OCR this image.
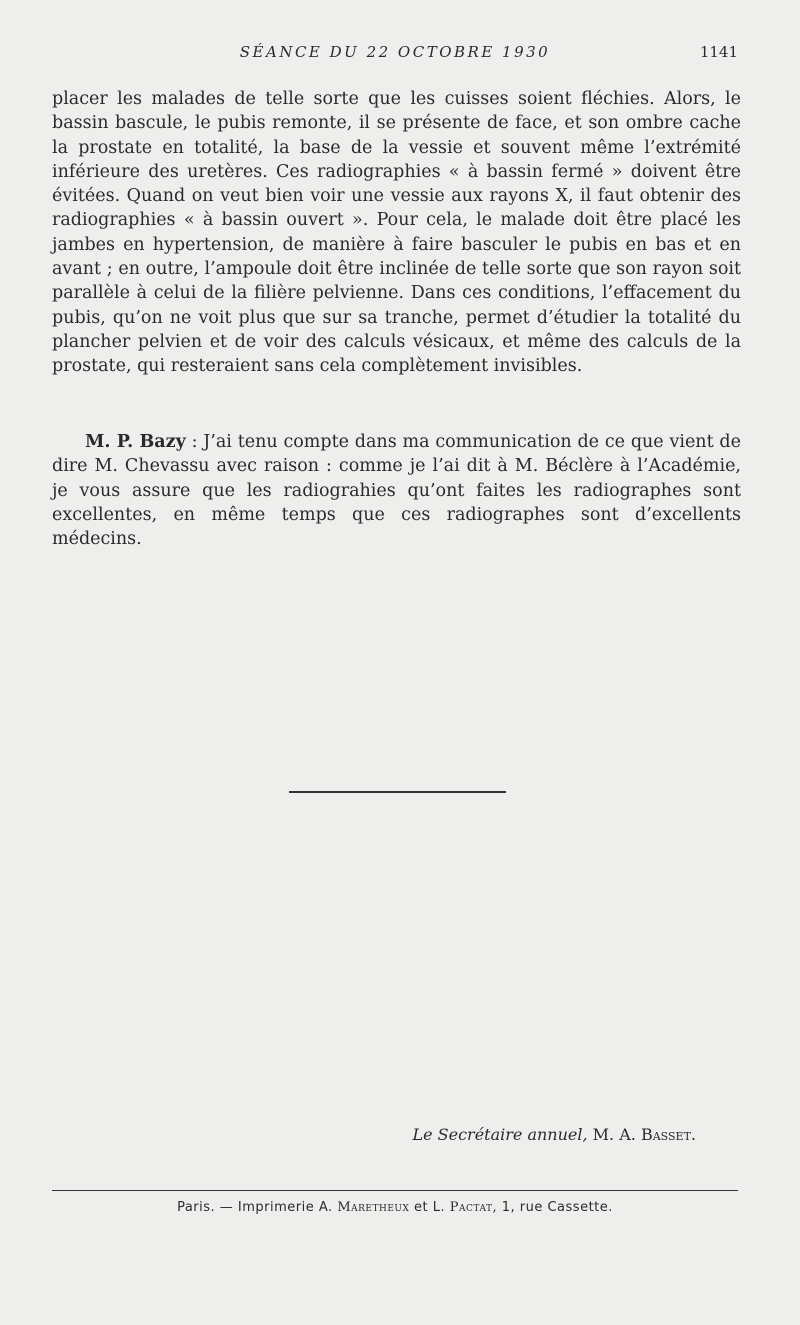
SÉANCE DU 22 OCTOBRE 1930	1141

placer les malades de telle sorte que les cuisses soient fléchies. Alors, le bassin bascule, le pubis remonte, il se présente de face, et son ombre cache la prostate en totalité, la base de la vessie et souvent même l’extrémité inférieure des uretères. Ces radiographies « à bassin fermé » doivent être évitées. Quand on veut bien voir une vessie aux rayons X, il faut obtenir des radiographies « à bassin ouvert ». Pour cela, le malade doit être placé les jambes en hypertension, de manière à faire basculer le pubis en bas et en avant ; en outre, l’ampoule doit être inclinée de telle sorte que son rayon soit parallèle à celui de la filière pelvienne. Dans ces conditions, l’effacement du pubis, qu’on ne voit plus que sur sa tranche, permet d’étudier la totalité du plancher pelvien et de voir des calculs vésicaux, et même des calculs de la prostate, qui resteraient sans cela complètement invisibles.

M. P. Bazy : J’ai tenu compte dans ma communication de ce que vient de dire M. Chevassu avec raison : comme je l’ai dit à M. Béclère à l’Académie, je vous assure que les radiograhies qu’ont faites les radiographes sont excellentes, en même temps que ces radiographes sont d’excellents médecins.

Le Secrétaire annuel, M. A. Basset.
Paris. — Imprimerie A. Maretheux et L. Pactat, 1, rue Cassette.
